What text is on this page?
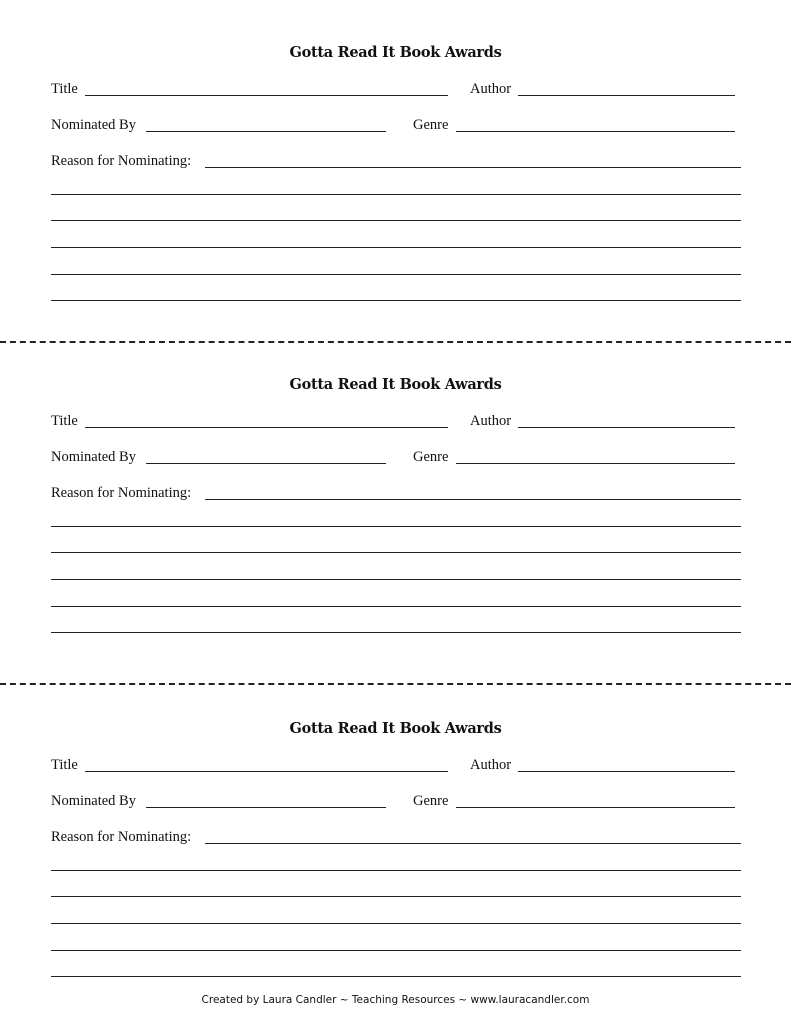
Gotta Read It Book Awards
Title	Author
Nominated By	Genre
Reason for Nominating:
Gotta Read It Book Awards
Title	Author
Nominated By	Genre
Reason for Nominating:
Gotta Read It Book Awards
Title	Author
Nominated By	Genre
Reason for Nominating:
Created by Laura Candler ~ Teaching Resources ~ www.lauracandler.com
